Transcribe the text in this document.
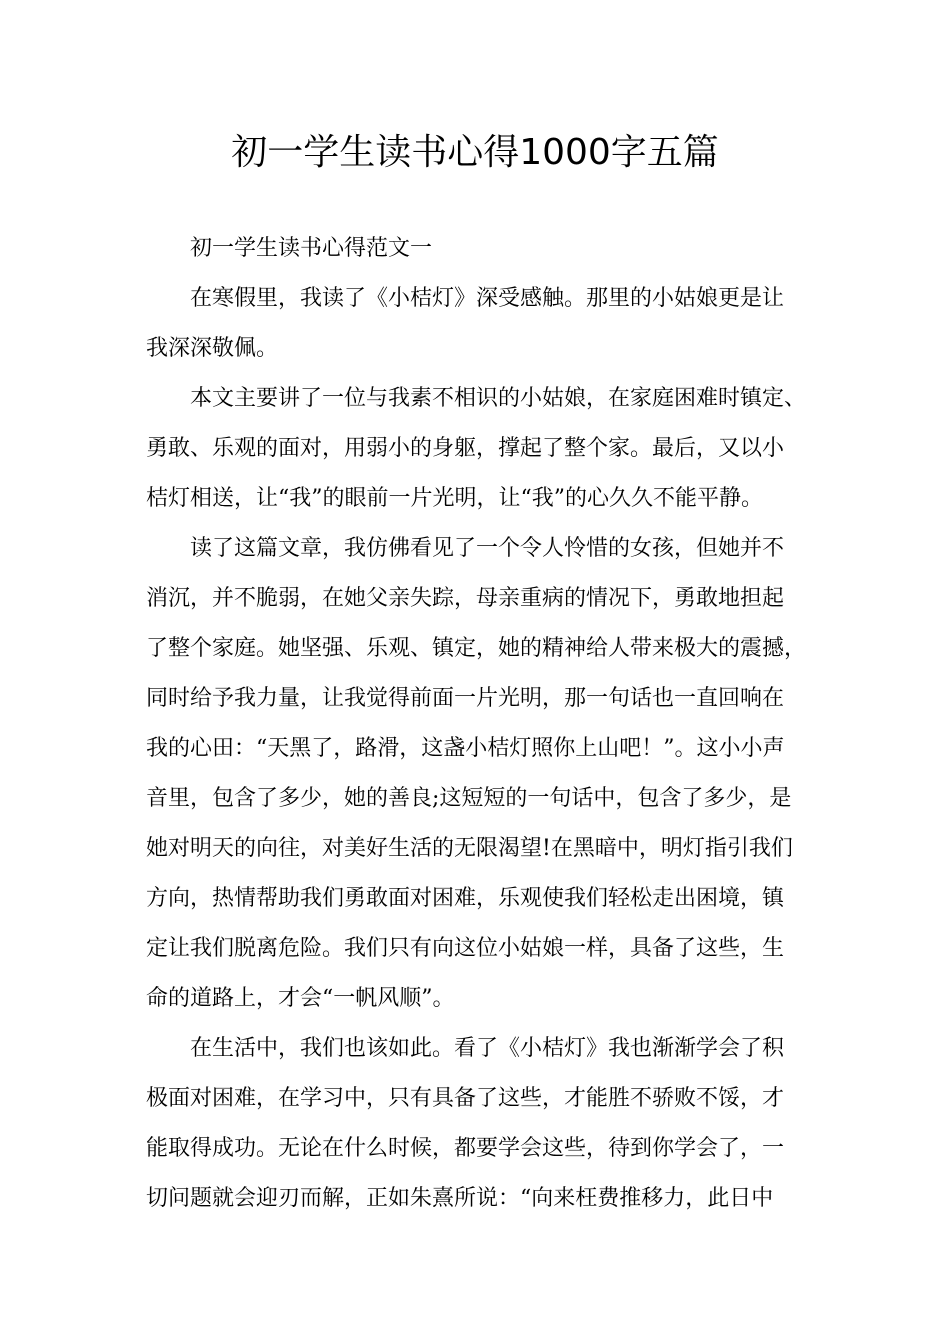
初一学生读书心得1000字五篇
初一学生读书心得范文一
在寒假里，我读了《小桔灯》深受感触。那里的小姑娘更是让
我深深敬佩。
本文主要讲了一位与我素不相识的小姑娘，在家庭困难时镇定、
勇敢、乐观的面对，用弱小的身躯，撑起了整个家。最后，又以小
桔灯相送，让“我”的眼前一片光明，让“我”的心久久不能平静。
读了这篇文章，我仿佛看见了一个令人怜惜的女孩，但她并不
消沉，并不脆弱，在她父亲失踪，母亲重病的情况下，勇敢地担起
了整个家庭。她坚强、乐观、镇定，她的精神给人带来极大的震撼，
同时给予我力量，让我觉得前面一片光明，那一句话也一直回响在
我的心田：“天黑了，路滑，这盏小桔灯照你上山吧！”。这小小声
音里，包含了多少，她的善良;这短短的一句话中，包含了多少，是
她对明天的向往，对美好生活的无限渴望!在黑暗中，明灯指引我们
方向，热情帮助我们勇敢面对困难，乐观使我们轻松走出困境，镇
定让我们脱离危险。我们只有向这位小姑娘一样，具备了这些，生
命的道路上，才会“一帆风顺”。
在生活中，我们也该如此。看了《小桔灯》我也渐渐学会了积
极面对困难，在学习中，只有具备了这些，才能胜不骄败不馁，才
能取得成功。无论在什么时候，都要学会这些，待到你学会了，一
切问题就会迎刃而解，正如朱熹所说：“向来枉费推移力，此日中
